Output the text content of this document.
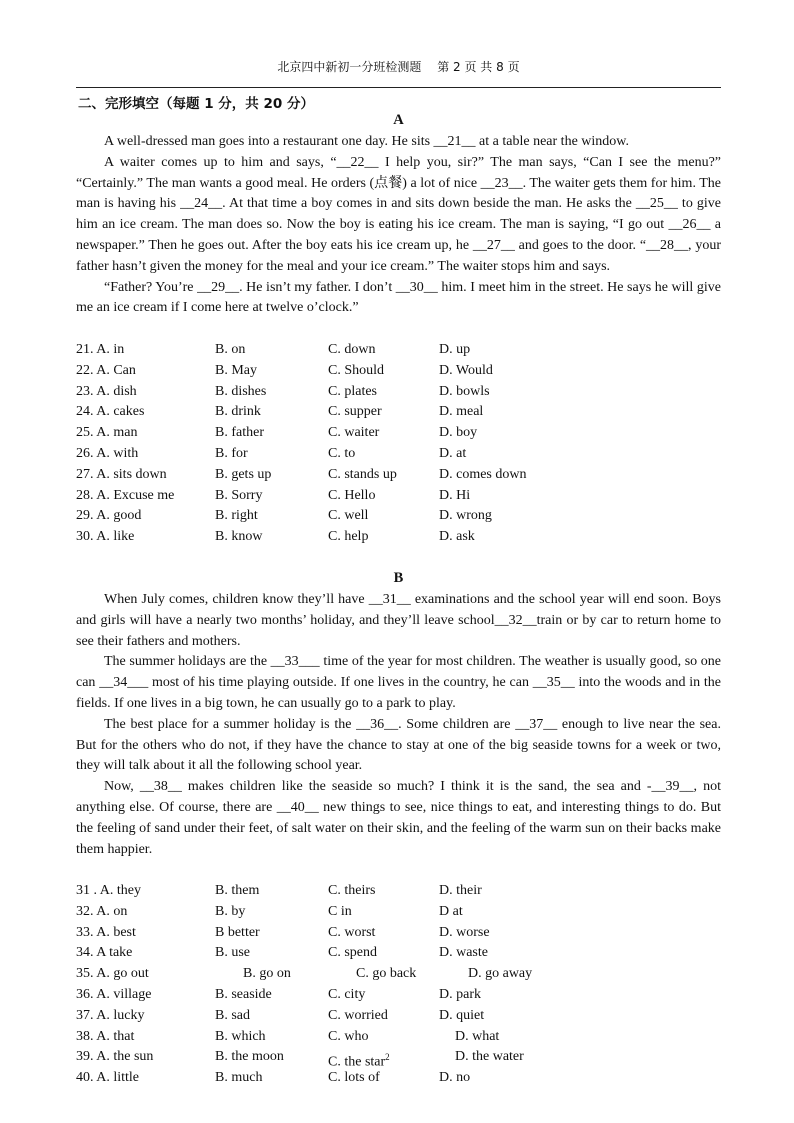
北京四中新初一分班检测题　 第 2 页 共 8 页
二、完形填空（每题 1 分，共 20 分）
A

A well-dressed man goes into a restaurant one day. He sits __21__ at a table near the window.

A waiter comes up to him and says, “__22__ I help you, sir?” The man says, “Can I see the menu?” “Certainly.” The man wants a good meal. He orders (点餐) a lot of nice __23__. The waiter gets them for him. The man is having his __24__. At that time a boy comes in and sits down beside the man. He asks the __25__ to give him an ice cream. The man does so. Now the boy is eating his ice cream. The man is saying, “I go out __26__ a newspaper.” Then he goes out. After the boy eats his ice cream up, he __27__ and goes to the door. “__28__, your father hasn’t given the money for the meal and your ice cream.” The waiter stops him and says.

“Father? You’re __29__. He isn’t my father. I don’t __30__ him. I meet him in the street. He says he will give me an ice cream if I come here at twelve o’clock.”

21. A. in	B. on	C. down	D. up
22. A. Can	B. May	C. Should	D. Would
23. A. dish	B. dishes	C. plates	D. bowls
24. A. cakes	B. drink	C. supper	D. meal
25. A. man	B. father	C. waiter	D. boy
26. A. with	B. for	C. to	D. at
27. A. sits down	B. gets up	C. stands up	D. comes down
28. A. Excuse me	B. Sorry	C. Hello	D. Hi
29. A. good	B. right	C. well	D. wrong
30. A. like	B. know	C. help	D. ask
B

When July comes, children know they’ll have __31__ examinations and the school year will end soon. Boys and girls will have a nearly two months’ holiday, and they’ll leave school__32__train or by car to return home to see their fathers and mothers.

The summer holidays are the __33___ time of the year for most children. The weather is usually good, so one can __34___ most of his time playing outside. If one lives in the country, he can __35__ into the woods and in the fields. If one lives in a big town, he can usually go to a park to play.

The best place for a summer holiday is the __36__. Some children are __37__ enough to live near the sea. But for the others who do not, if they have the chance to stay at one of the big seaside towns for a week or two, they will talk about it all the following school year.

Now, __38__ makes children like the seaside so much? I think it is the sand, the sea and -__39__, not anything else. Of course, there are __40__ new things to see, nice things to eat, and interesting things to do. But the feeling of sand under their feet, of salt water on their skin, and the feeling of the warm sun on their backs make them happier.

31 . A. they	B. them	C. theirs	D. their
32. A. on	B. by	C in	D at
33. A. best	B better	C. worst	D. worse
34. A take	B. use	C. spend	D. waste
35. A. go out	B. go on	C. go back	D. go away
36. A. village	B. seaside	C. city	D. park
37. A. lucky	B. sad	C. worried	D. quiet
38. A. that	B. which	C. who	D. what
39. A. the sun	B. the moon	C. the star$^2$	D. the water
40. A. little	B. much	C. lots of	D. no
